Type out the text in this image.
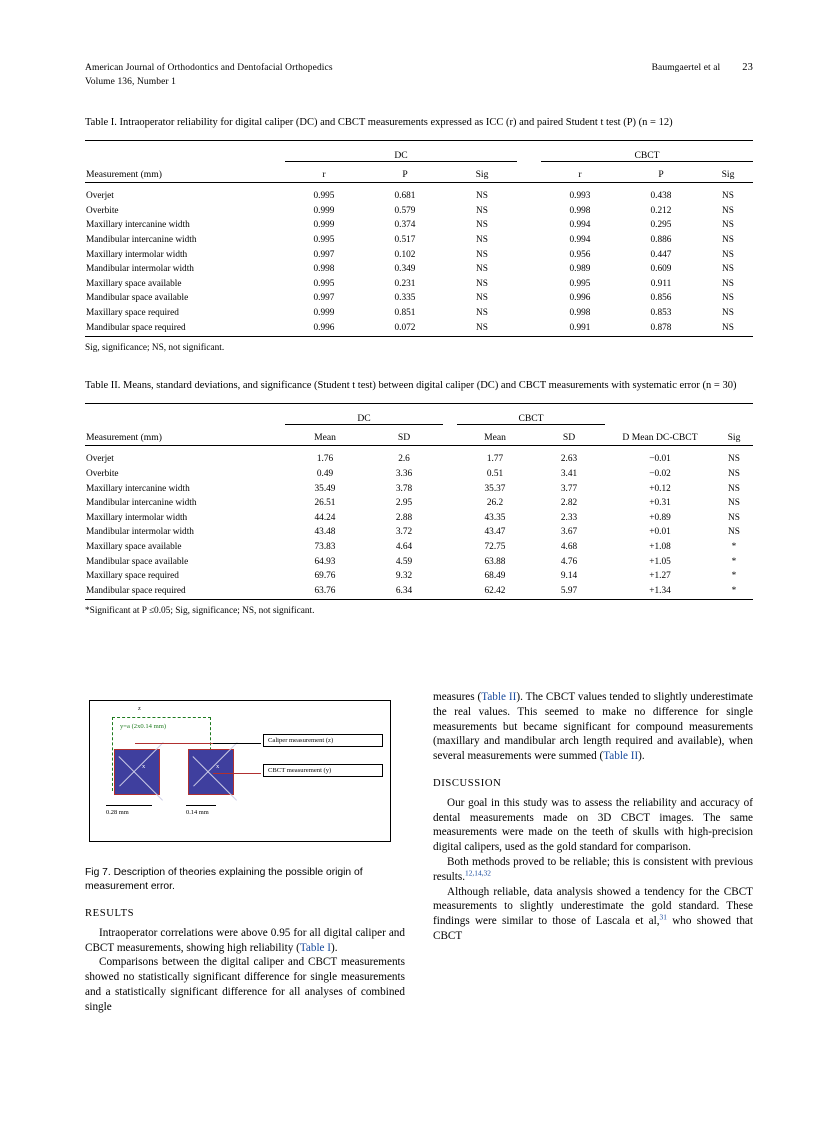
American Journal of Orthodontics and Dentofacial Orthopedics
Volume 136, Number 1
Baumgaertel et al 23
Table I. Intraoperator reliability for digital caliper (DC) and CBCT measurements expressed as ICC (r) and paired Student t test (P) (n = 12)
	DC				CBCT		
Measurement (mm)	r	P	Sig		r	P	Sig

Overjet	0.995	0.681	NS		0.993	0.438	NS
Overbite	0.999	0.579	NS		0.998	0.212	NS
Maxillary intercanine width	0.999	0.374	NS		0.994	0.295	NS
Mandibular intercanine width	0.995	0.517	NS		0.994	0.886	NS
Maxillary intermolar width	0.997	0.102	NS		0.956	0.447	NS
Mandibular intermolar width	0.998	0.349	NS		0.989	0.609	NS
Maxillary space available	0.995	0.231	NS		0.995	0.911	NS
Mandibular space available	0.997	0.335	NS		0.996	0.856	NS
Maxillary space required	0.999	0.851	NS		0.998	0.853	NS
Mandibular space required	0.996	0.072	NS		0.991	0.878	NS

Sig, significance; NS, not significant.
Table II. Means, standard deviations, and significance (Student t test) between digital caliper (DC) and CBCT measurements with systematic error (n = 30)
	DC			CBCT			
Measurement (mm)	Mean	SD		Mean	SD	D Mean DC-CBCT	Sig

Overjet	1.76	2.6		1.77	2.63	−0.01	NS
Overbite	0.49	3.36		0.51	3.41	−0.02	NS
Maxillary intercanine width	35.49	3.78		35.37	3.77	+0.12	NS
Mandibular intercanine width	26.51	2.95		26.2	2.82	+0.31	NS
Maxillary intermolar width	44.24	2.88		43.35	2.33	+0.89	NS
Mandibular intermolar width	43.48	3.72		43.47	3.67	+0.01	NS
Maxillary space available	73.83	4.64		72.75	4.68	+1.08	*
Mandibular space available	64.93	4.59		63.88	4.76	+1.05	*
Maxillary space required	69.76	9.32		68.49	9.14	+1.27	*
Mandibular space required	63.76	6.34		62.42	5.97	+1.34	*

*Significant at P ≤0.05; Sig, significance; NS, not significant.
z
y=a (2x0.14 mm)
x	x
Caliper measurement (z)
CBCT measurement (y)
0.28 mm	0.14 mm
Fig 7. Description of theories explaining the possible origin of measurement error.
RESULTS

Intraoperator correlations were above 0.95 for all digital caliper and CBCT measurements, showing high reliability (Table I).

Comparisons between the digital caliper and CBCT measurements showed no statistically significant difference for single measurements and a statistically significant difference for all analyses of combined single

measures (Table II). The CBCT values tended to slightly underestimate the real values. This seemed to make no difference for single measurements but became significant for compound measurements (maxillary and mandibular arch length required and available), when several measurements were summed (Table II).

DISCUSSION

Our goal in this study was to assess the reliability and accuracy of dental measurements made on 3D CBCT images. The same measurements were made on the teeth of skulls with high-precision digital calipers, used as the gold standard for comparison.

Both methods proved to be reliable; this is consistent with previous results.$^{12,14,32}$

Although reliable, data analysis showed a tendency for the CBCT measurements to slightly underestimate the gold standard. These findings were similar to those of Lascala et al,$^{31}$ who showed that CBCT
